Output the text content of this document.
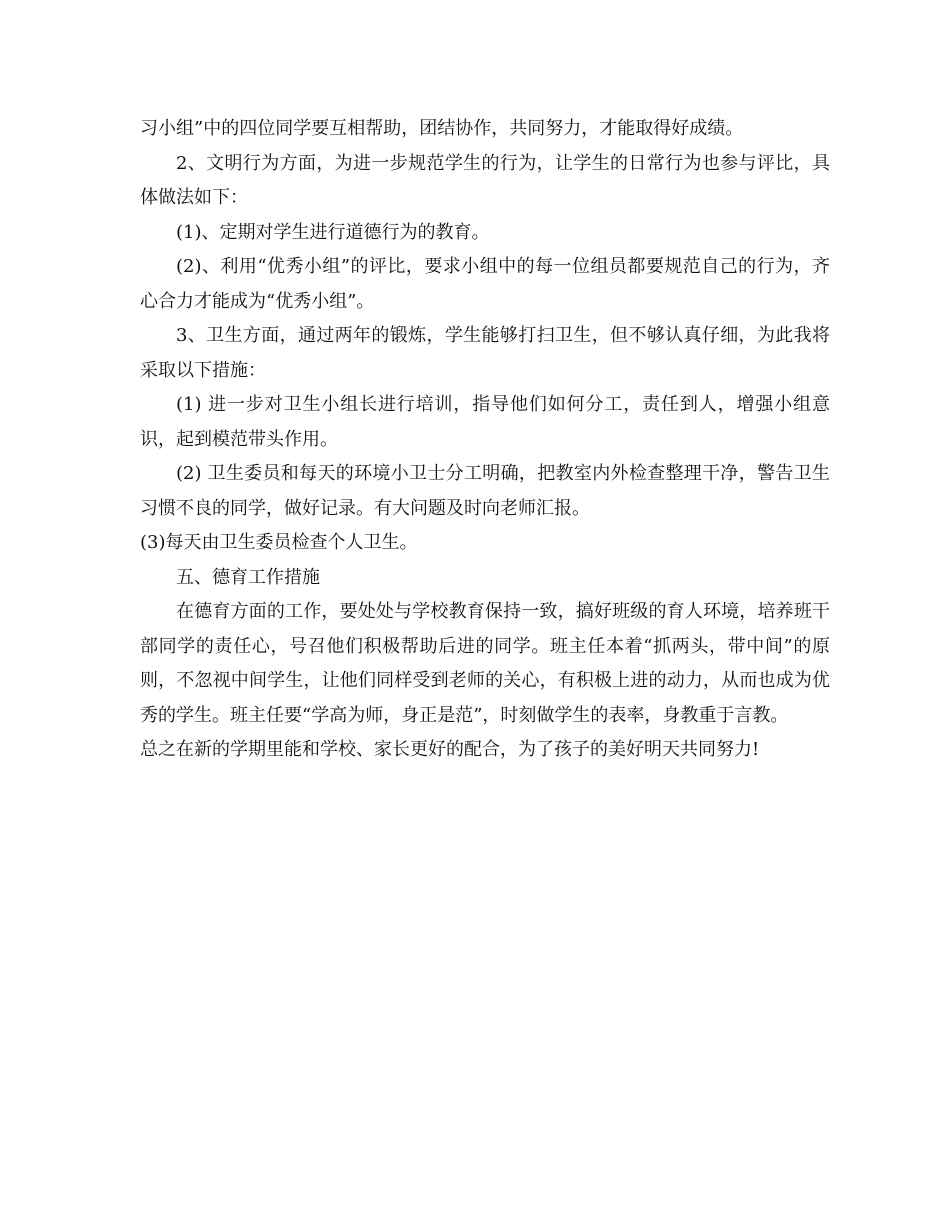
习小组”中的四位同学要互相帮助，团结协作，共同努力，才能取得好成绩。

2、文明行为方面，为进一步规范学生的行为，让学生的日常行为也参与评比，具体做法如下：

(1)、定期对学生进行道德行为的教育。

(2)、利用“优秀小组”的评比，要求小组中的每一位组员都要规范自己的行为，齐心合力才能成为“优秀小组”。

3、卫生方面，通过两年的锻炼，学生能够打扫卫生，但不够认真仔细，为此我将采取以下措施：

(1) 进一步对卫生小组长进行培训，指导他们如何分工，责任到人，增强小组意识，起到模范带头作用。

(2) 卫生委员和每天的环境小卫士分工明确，把教室内外检查整理干净，警告卫生习惯不良的同学，做好记录。有大问题及时向老师汇报。

(3)每天由卫生委员检查个人卫生。

五、德育工作措施

在德育方面的工作，要处处与学校教育保持一致，搞好班级的育人环境，培养班干部同学的责任心，号召他们积极帮助后进的同学。班主任本着“抓两头，带中间”的原则，不忽视中间学生，让他们同样受到老师的关心，有积极上进的动力，从而也成为优秀的学生。班主任要“学高为师，身正是范”，时刻做学生的表率，身教重于言教。

总之在新的学期里能和学校、家长更好的配合，为了孩子的美好明天共同努力!
